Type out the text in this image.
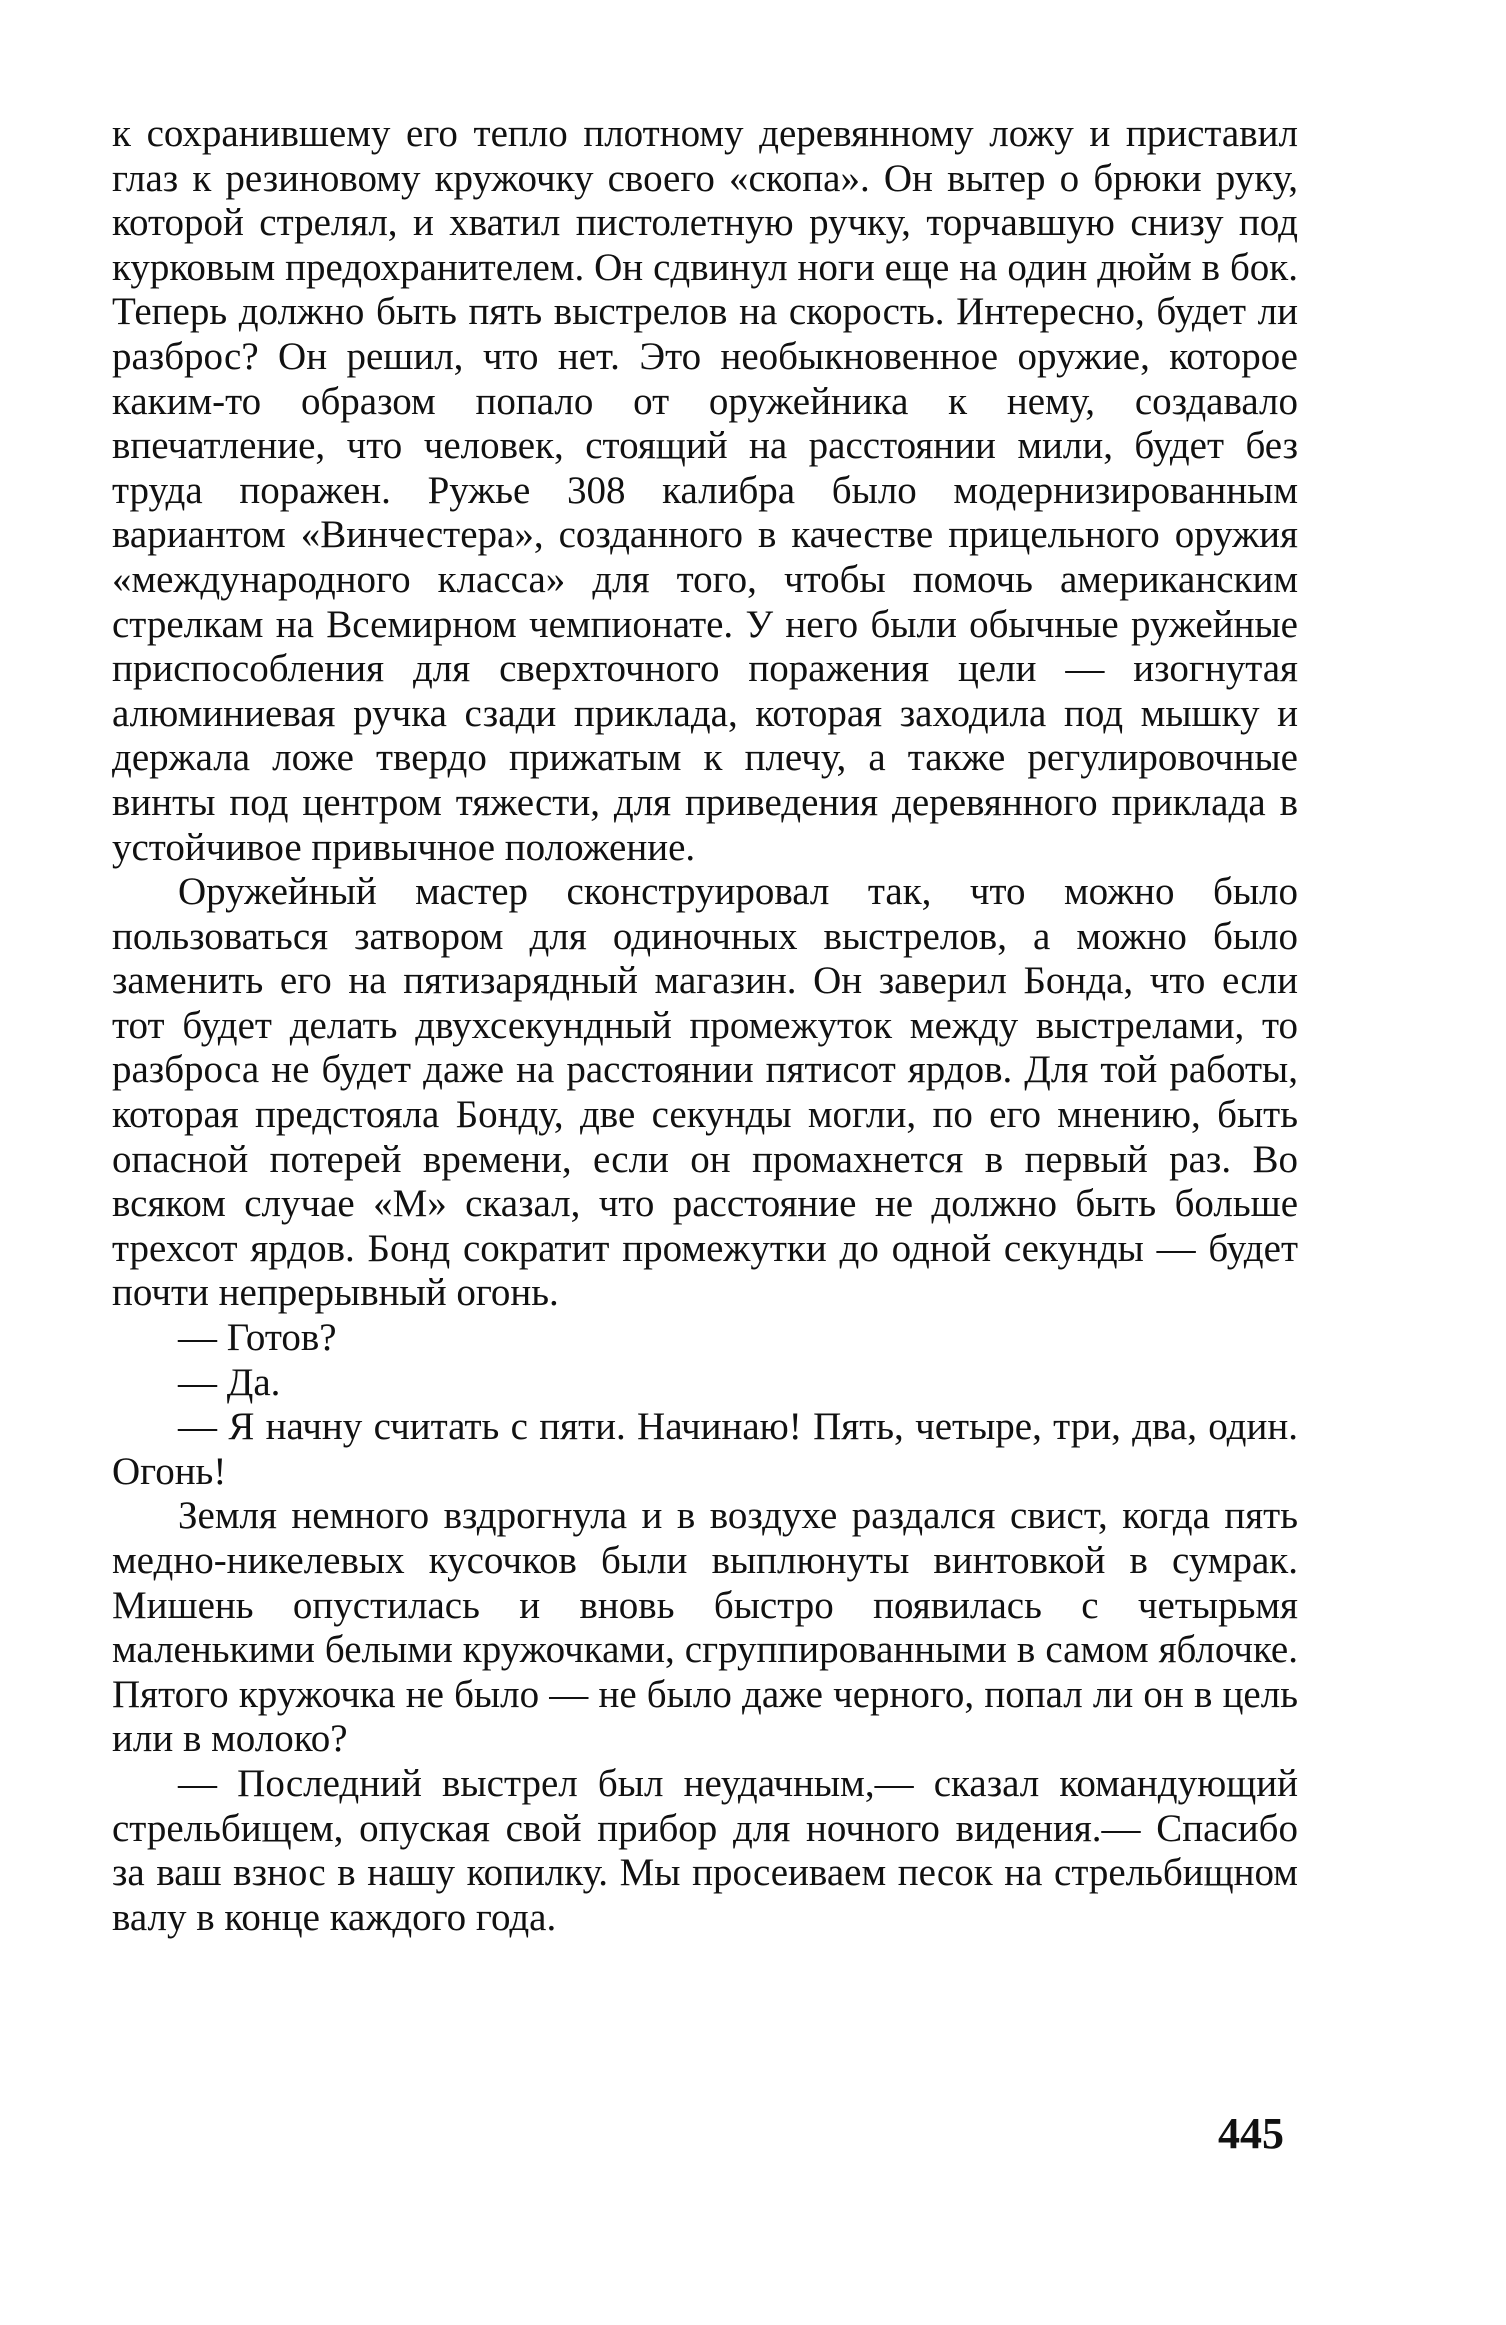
к сохранившему его тепло плотному деревянному ложу и приставил глаз к резиновому кружочку своего «скопа». Он вытер о брюки руку, которой стрелял, и хватил пистолетную ручку, торчавшую снизу под курковым предохранителем. Он сдвинул ноги еще на один дюйм в бок. Теперь должно быть пять выстрелов на скорость. Интересно, будет ли разброс? Он решил, что нет. Это необыкновенное оружие, которое каким-то образом попало от оружейника к нему, создавало впечатление, что человек, стоящий на расстоянии мили, будет без труда поражен. Ружье 308 калибра было модернизированным вариантом «Винчестера», созданного в качестве прицельного оружия «международного класса» для того, чтобы помочь американским стрелкам на Всемирном чемпионате. У него были обычные ружейные приспособления для сверхточного поражения цели — изогнутая алюминиевая ручка сзади приклада, которая заходила под мышку и держала ложе твердо прижатым к плечу, а также регулировочные винты под центром тяжести, для приведения деревянного приклада в устойчивое привычное положение.

Оружейный мастер сконструировал так, что можно было пользоваться затвором для одиночных выстрелов, а можно было заменить его на пятизарядный магазин. Он заверил Бонда, что если тот будет делать двухсекундный промежуток между выстрелами, то разброса не будет даже на расстоянии пятисот ярдов. Для той работы, которая предстояла Бонду, две секунды могли, по его мнению, быть опасной потерей времени, если он промахнется в первый раз. Во всяком случае «М» сказал, что расстояние не должно быть больше трехсот ярдов. Бонд сократит промежутки до одной секунды — будет почти непрерывный огонь.

— Готов?

— Да.

— Я начну считать с пяти. Начинаю! Пять, четыре, три, два, один. Огонь!

Земля немного вздрогнула и в воздухе раздался свист, когда пять медно-никелевых кусочков были выплюнуты винтовкой в сумрак. Мишень опустилась и вновь быстро появилась с четырьмя маленькими белыми кружочками, сгруппированными в самом яблочке. Пятого кружочка не было — не было даже черного, попал ли он в цель или в молоко?

— Последний выстрел был неудачным,— сказал командующий стрельбищем, опуская свой прибор для ночного видения.— Спасибо за ваш взнос в нашу копилку. Мы просеиваем песок на стрельбищном валу в конце каждого года.

445
